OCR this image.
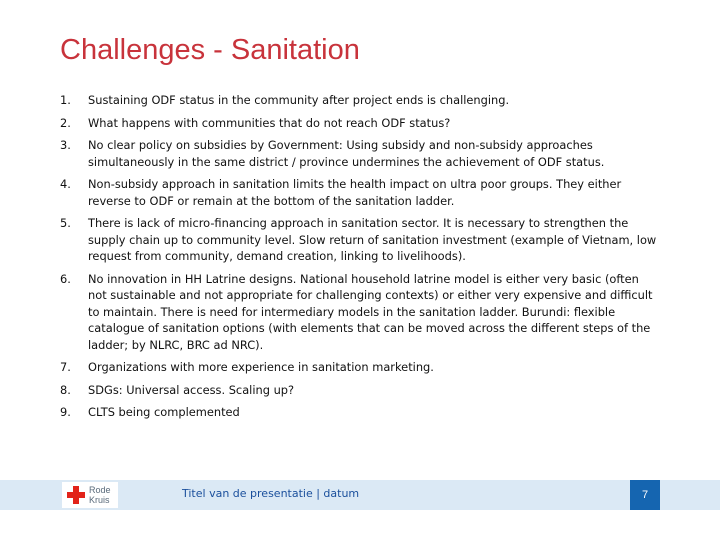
Challenges - Sanitation
1.	Sustaining ODF status in the community after project ends is challenging.
2.	What happens with communities that do not reach ODF status?
3.	No clear policy on subsidies by Government: Using subsidy and non-subsidy approaches simultaneously in the same district / province undermines the achievement of ODF status.
4.	Non-subsidy approach in sanitation limits the health impact on ultra poor groups. They either reverse to ODF or remain at the bottom of the sanitation ladder.
5.	There is lack of micro-financing approach in sanitation sector. It is necessary to strengthen the supply chain up to community level. Slow return of sanitation investment (example of Vietnam, low request from community, demand creation, linking to livelihoods).
6.	No innovation in HH Latrine designs. National household latrine model is either very basic (often not sustainable and not appropriate for challenging contexts) or either very expensive and difficult to maintain. There is need for intermediary models in the sanitation ladder. Burundi: flexible catalogue of sanitation options (with elements that can be moved across the different steps of the ladder; by NLRC, BRC ad NRC).
7.	Organizations with more experience in sanitation marketing.
8.	SDGs: Universal access. Scaling up?
9.	CLTS being complemented
Rode
Kruis	Titel van de presentatie | datum	7
